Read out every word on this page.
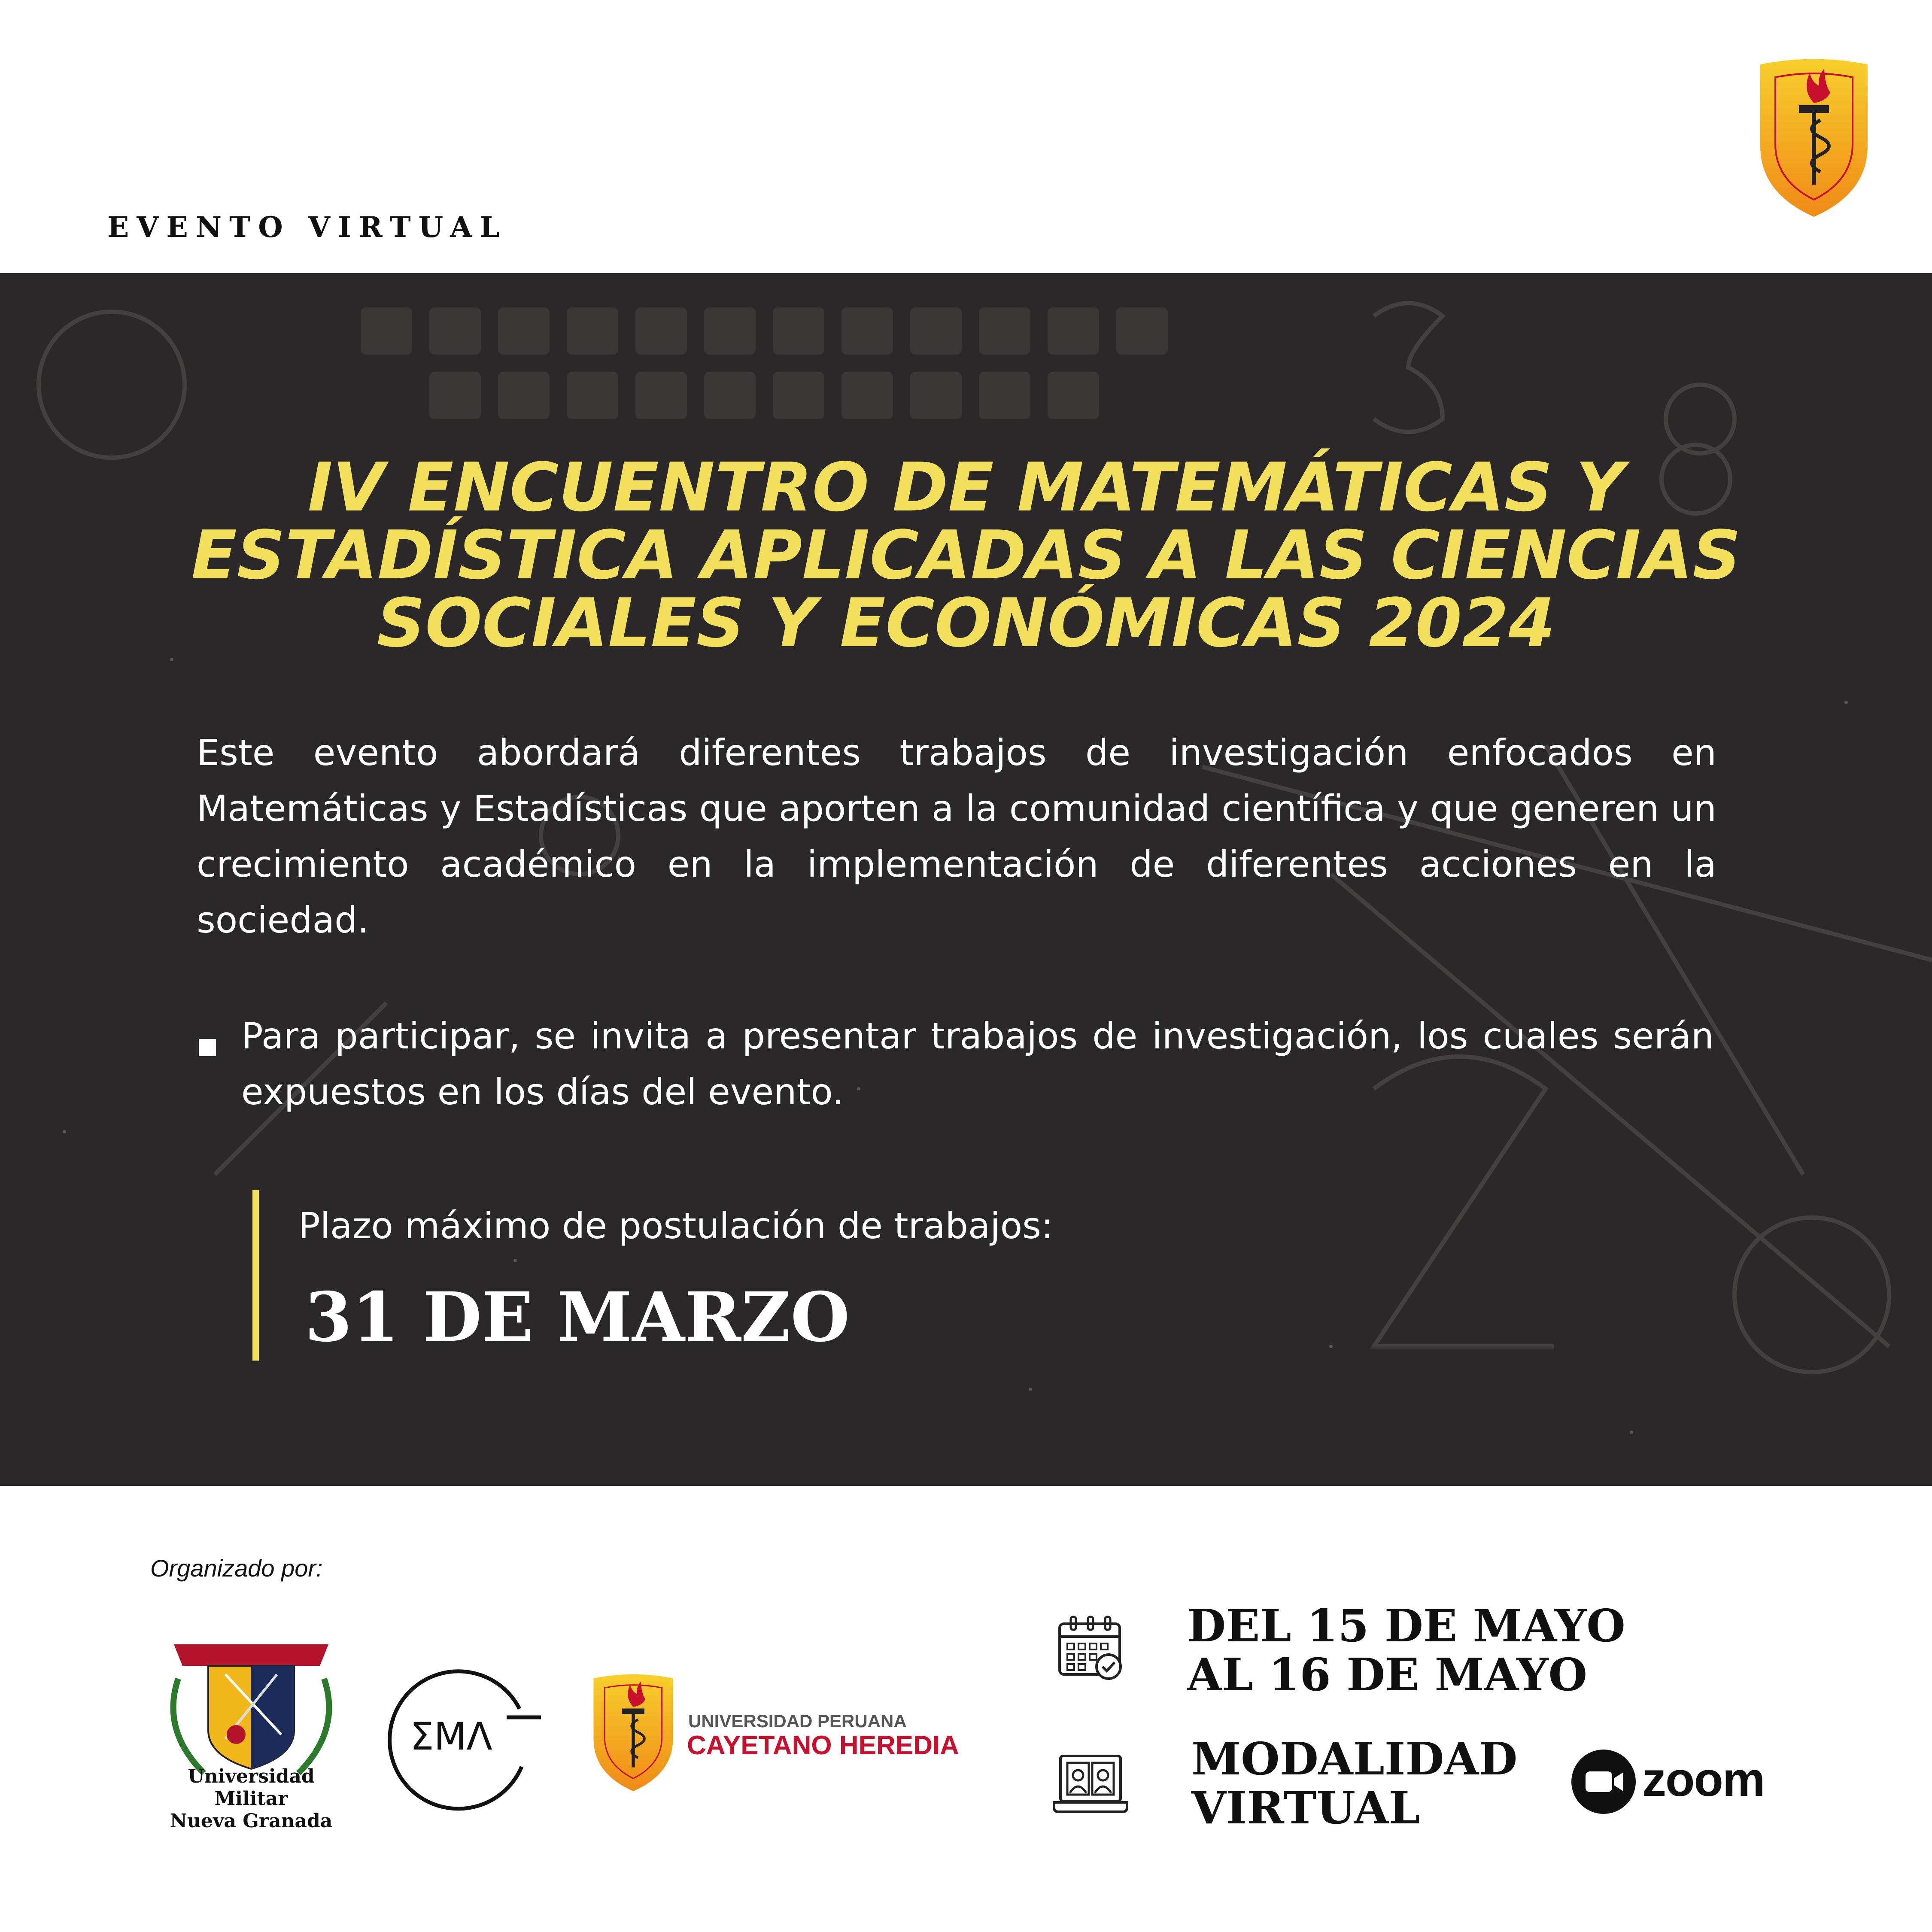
EVENTO VIRTUAL
IV ENCUENTRO DE MATEMÁTICAS Y
ESTADÍSTICA APLICADAS A LAS CIENCIAS
SOCIALES Y ECONÓMICAS 2024
Este evento abordará diferentes trabajos de investigación enfocados en Matemáticas y Estadísticas que aporten a la comunidad científica y que generen un crecimiento académico en la implementación de diferentes acciones en la sociedad.
Para participar, se invita a presentar trabajos de investigación, los cuales serán expuestos en los días del evento.
Plazo máximo de postulación de trabajos:
31 DE MARZO
Organizado por:
Universidad Militar
Nueva Granada
ΣΜΛ	UNIVERSIDAD PERUANA
CAYETANO HEREDIA
DEL 15 DE MAYO
AL 16 DE MAYO
MODALIDAD
VIRTUAL
zoom
